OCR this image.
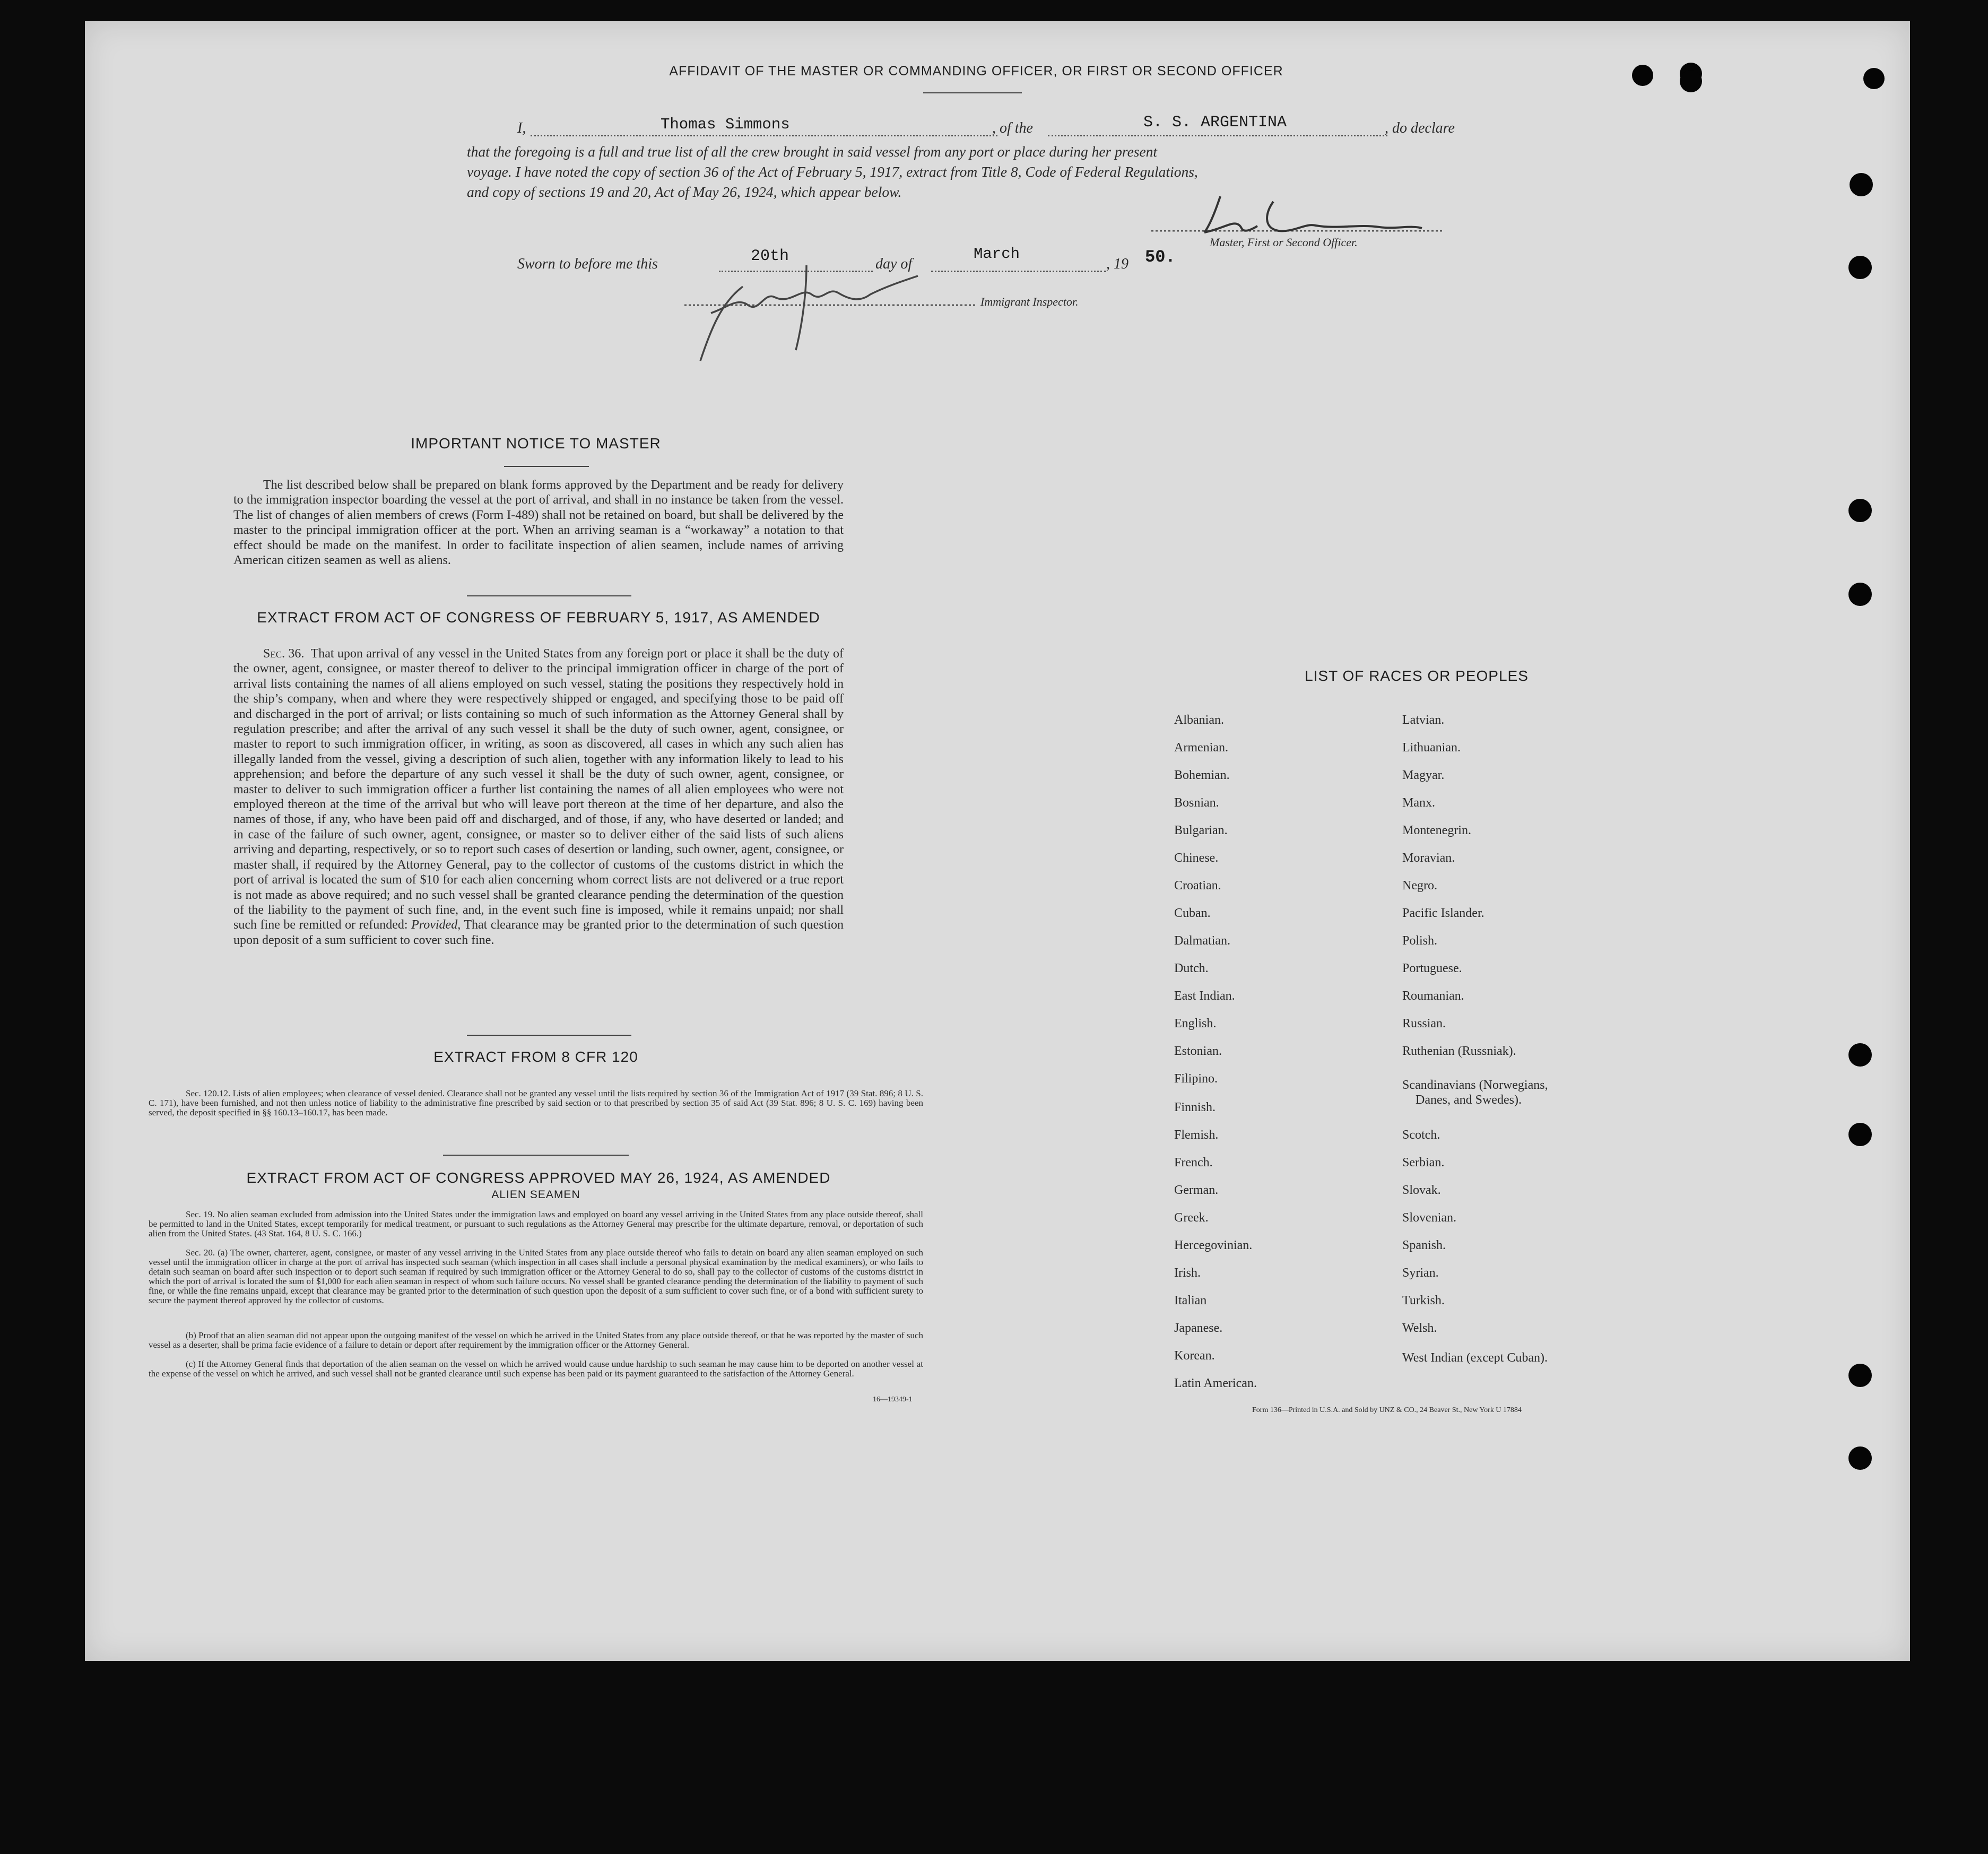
AFFIDAVIT OF THE MASTER OR COMMANDING OFFICER, OR FIRST OR SECOND OFFICER
I,	Thomas Simmons	, of the	S. S. ARGENTINA	, do declare
that the foregoing is a full and true list of all the crew brought in said vessel from any port or place during her present
voyage. I have noted the copy of section 36 of the Act of February 5, 1917, extract from Title 8, Code of Federal Regulations,
and copy of sections 19 and 20, Act of May 26, 1924, which appear below.
Master, First or Second Officer.
Sworn to before me this	20th	day of
March
, 19 50.
Immigrant Inspector.
IMPORTANT NOTICE TO MASTER
The list described below shall be prepared on blank forms approved by the Department and be ready for delivery to the immigration inspector boarding the vessel at the port of arrival, and shall in no instance be taken from the vessel. The list of changes of alien members of crews (Form I-489) shall not be retained on board, but shall be delivered by the master to the principal immigration officer at the port. When an arriving seaman is a “workaway” a notation to that effect should be made on the manifest. In order to facilitate inspection of alien seamen, include names of arriving American citizen seamen as well as aliens.
EXTRACT FROM ACT OF CONGRESS OF FEBRUARY 5, 1917, AS AMENDED
Sec. 36. That upon arrival of any vessel in the United States from any foreign port or place it shall be the duty of the owner, agent, consignee, or master thereof to deliver to the principal immigration officer in charge of the port of arrival lists containing the names of all aliens employed on such vessel, stating the positions they respectively hold in the ship’s company, when and where they were respectively shipped or engaged, and specifying those to be paid off and discharged in the port of arrival; or lists containing so much of such information as the Attorney General shall by regulation prescribe; and after the arrival of any such vessel it shall be the duty of such owner, agent, consignee, or master to report to such immigration officer, in writing, as soon as discovered, all cases in which any such alien has illegally landed from the vessel, giving a description of such alien, together with any information likely to lead to his apprehension; and before the departure of any such vessel it shall be the duty of such owner, agent, consignee, or master to deliver to such immigration officer a further list containing the names of all alien employees who were not employed thereon at the time of the arrival but who will leave port thereon at the time of her departure, and also the names of those, if any, who have been paid off and discharged, and of those, if any, who have deserted or landed; and in case of the failure of such owner, agent, consignee, or master so to deliver either of the said lists of such aliens arriving and departing, respectively, or so to report such cases of desertion or landing, such owner, agent, consignee, or master shall, if required by the Attorney General, pay to the collector of customs of the customs district in which the port of arrival is located the sum of $10 for each alien concerning whom correct lists are not delivered or a true report is not made as above required; and no such vessel shall be granted clearance pending the determination of the question of the liability to the payment of such fine, and, in the event such fine is imposed, while it remains unpaid; nor shall such fine be remitted or refunded: Provided, That clearance may be granted prior to the determination of such question upon deposit of a sum sufficient to cover such fine.
EXTRACT FROM 8 CFR 120
Sec. 120.12. Lists of alien employees; when clearance of vessel denied. Clearance shall not be granted any vessel until the lists required by section 36 of the Immigration Act of 1917 (39 Stat. 896; 8 U. S. C. 171), have been furnished, and not then unless notice of liability to the administrative fine prescribed by said section or to that prescribed by section 35 of said Act (39 Stat. 896; 8 U. S. C. 169) having been served, the deposit specified in §§ 160.13–160.17, has been made.
EXTRACT FROM ACT OF CONGRESS APPROVED MAY 26, 1924, AS AMENDED
ALIEN SEAMEN
Sec. 19. No alien seaman excluded from admission into the United States under the immigration laws and employed on board any vessel arriving in the United States from any place outside thereof, shall be permitted to land in the United States, except temporarily for medical treatment, or pursuant to such regulations as the Attorney General may prescribe for the ultimate departure, removal, or deportation of such alien from the United States. (43 Stat. 164, 8 U. S. C. 166.)
Sec. 20. (a) The owner, charterer, agent, consignee, or master of any vessel arriving in the United States from any place outside thereof who fails to detain on board any alien seaman employed on such vessel until the immigration officer in charge at the port of arrival has inspected such seaman (which inspection in all cases shall include a personal physical examination by the medical examiners), or who fails to detain such seaman on board after such inspection or to deport such seaman if required by such immigration officer or the Attorney General to do so, shall pay to the collector of customs of the customs district in which the port of arrival is located the sum of $1,000 for each alien seaman in respect of whom such failure occurs. No vessel shall be granted clearance pending the determination of the liability to payment of such fine, or while the fine remains unpaid, except that clearance may be granted prior to the determination of such question upon the deposit of a sum sufficient to cover such fine, or of a bond with sufficient surety to secure the payment thereof approved by the collector of customs.
(b) Proof that an alien seaman did not appear upon the outgoing manifest of the vessel on which he arrived in the United States from any place outside thereof, or that he was reported by the master of such vessel as a deserter, shall be prima facie evidence of a failure to detain or deport after requirement by the immigration officer or the Attorney General.
(c) If the Attorney General finds that deportation of the alien seaman on the vessel on which he arrived would cause undue hardship to such seaman he may cause him to be deported on another vessel at the expense of the vessel on which he arrived, and such vessel shall not be granted clearance until such expense has been paid or its payment guaranteed to the satisfaction of the Attorney General.
16—19349-1
LIST OF RACES OR PEOPLES
Albanian.
Armenian.
Bohemian.
Bosnian.
Bulgarian.
Chinese.
Croatian.
Cuban.
Dalmatian.
Dutch.
East Indian.
English.
Estonian.
Filipino.
Finnish.
Flemish.
French.
German.
Greek.
Hercegovinian.
Irish.
Italian
Japanese.
Korean.
Latin American.
Latvian.
Lithuanian.
Magyar.
Manx.
Montenegrin.
Moravian.
Negro.
Pacific Islander.
Polish.
Portuguese.
Roumanian.
Russian.
Ruthenian (Russniak).
Scandinavians (Norwegians,
Danes, and Swedes).
Scotch.
Serbian.
Slovak.
Slovenian.
Spanish.
Syrian.
Turkish.
Welsh.
West Indian (except Cuban).
Form 136—Printed in U.S.A. and Sold by UNZ & CO., 24 Beaver St., New York U 17884
